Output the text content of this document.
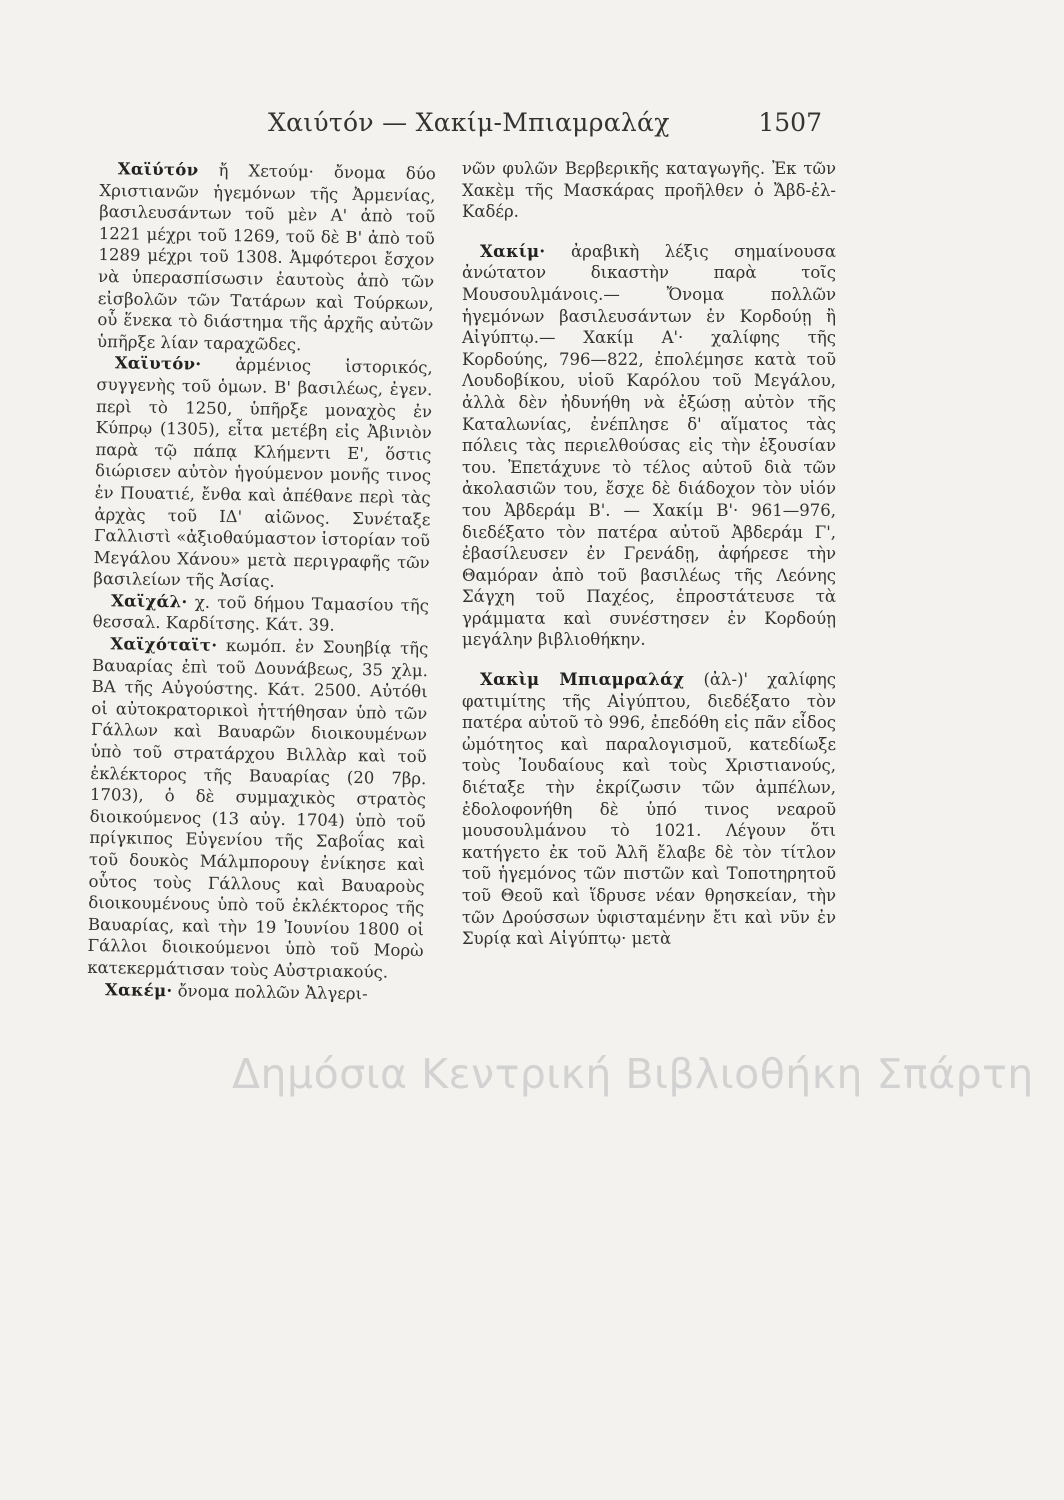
Χαιύτόν — Χακίμ-Μπιαμραλάχ	1507

Χαϊύτόν ἤ Χετούμ· ὄνομα δύο Χριστιανῶν ἡγεμόνων τῆς Ἀρμενίας, βασιλευσάντων τοῦ μὲν Α' ἀπὸ τοῦ 1221 μέχρι τοῦ 1269, τοῦ δὲ Β' ἀπὸ τοῦ 1289 μέχρι τοῦ 1308. Ἀμφότεροι ἔσχον νὰ ὑπερασπίσωσιν ἑαυτοὺς ἀπὸ τῶν εἰσβολῶν τῶν Τατάρων καὶ Τούρκων, οὗ ἕνεκα τὸ διάστημα τῆς ἀρχῆς αὐτῶν ὑπῆρξε λίαν ταραχῶδες.

Χαϊυτόν· ἀρμένιος ἱστορικός, συγγενὴς τοῦ ὁμων. Β' βασιλέως, ἐγεν. περὶ τὸ 1250, ὑπῆρξε μοναχὸς ἐν Κύπρῳ (1305), εἶτα μετέβη εἰς Ἀβινιὸν παρὰ τῷ πάπᾳ Κλήμεντι Ε', ὅστις διώρισεν αὐτὸν ἡγούμενον μονῆς τινος ἐν Πουατιέ, ἔνθα καὶ ἀπέθανε περὶ τὰς ἀρχὰς τοῦ ΙΔ' αἰῶνος. Συνέταξε Γαλλιστὶ «ἀξιοθαύμαστον ἱστορίαν τοῦ Μεγάλου Χάνου» μετὰ περιγραφῆς τῶν βασιλείων τῆς Ἀσίας.

Χαϊχάλ· χ. τοῦ δήμου Ταμασίου τῆς θεσσαλ. Καρδίτσης. Κάτ. 39.

Χαϊχόταϊτ· κωμόπ. ἐν Σουηβίᾳ τῆς Βαυαρίας ἐπὶ τοῦ Δουνάβεως, 35 χλμ. ΒΑ τῆς Αὐγούστης. Κάτ. 2500. Αὐτόθι οἱ αὐτοκρατορικοὶ ἡττήθησαν ὑπὸ τῶν Γάλλων καὶ Βαυαρῶν διοικουμένων ὑπὸ τοῦ στρατάρχου Βιλλὰρ καὶ τοῦ ἐκλέκτορος τῆς Βαυαρίας (20 7βρ. 1703), ὁ δὲ συμμαχικὸς στρατὸς διοικούμενος (13 αὐγ. 1704) ὑπὸ τοῦ πρίγκιπος Εὐγενίου τῆς Σαβοΐας καὶ τοῦ δουκὸς Μάλμπορουγ ἐνίκησε καὶ οὗτος τοὺς Γάλλους καὶ Βαυαροὺς διοικουμένους ὑπὸ τοῦ ἐκλέκτορος τῆς Βαυαρίας, καὶ τὴν 19 Ἰουνίου 1800 οἱ Γάλλοι διοικούμενοι ὑπὸ τοῦ Μορὼ κατεκερμάτισαν τοὺς Αὐστριακούς.

Χακέμ· ὄνομα πολλῶν Ἀλγερι-

νῶν φυλῶν Βερβερικῆς καταγωγῆς. Ἐκ τῶν Χακὲμ τῆς Μασκάρας προῆλθεν ὁ Ἄβδ-ἐλ-Καδέρ.

Χακίμ· ἀραβικὴ λέξις σημαίνουσα ἀνώτατον δικαστὴν παρὰ τοῖς Μουσουλμάνοις.— Ὄνομα πολλῶν ἡγεμόνων βασιλευσάντων ἐν Κορδούῃ ἢ Αἰγύπτῳ.— Χακίμ Α'· χαλίφης τῆς Κορδούης, 796—822, ἐπολέμησε κατὰ τοῦ Λουδοβίκου, υἱοῦ Καρόλου τοῦ Μεγάλου, ἀλλὰ δὲν ἠδυνήθη νὰ ἐξώσῃ αὐτὸν τῆς Καταλωνίας, ἐνέπλησε δ' αἵματος τὰς πόλεις τὰς περιελθούσας εἰς τὴν ἐξουσίαν του. Ἐπετάχυνε τὸ τέλος αὐτοῦ διὰ τῶν ἀκολασιῶν του, ἔσχε δὲ διάδοχον τὸν υἱόν του Ἀβδεράμ Β'. — Χακίμ Β'· 961—976, διεδέξατο τὸν πατέρα αὐτοῦ Ἀβδεράμ Γ', ἐβασίλευσεν ἐν Γρενάδῃ, ἀφήρεσε τὴν Θαμόραν ἀπὸ τοῦ βασιλέως τῆς Λεόνης Σάγχη τοῦ Παχέος, ἐπροστάτευσε τὰ γράμματα καὶ συνέστησεν ἐν Κορδούῃ μεγάλην βιβλιοθήκην.

Χακὶμ Μπιαμραλάχ (ἀλ-)' χαλίφης φατιμίτης τῆς Αἰγύπτου, διεδέξατο τὸν πατέρα αὐτοῦ τὸ 996, ἐπεδόθη εἰς πᾶν εἶδος ὠμότητος καὶ παραλογισμοῦ, κατεδίωξε τοὺς Ἰουδαίους καὶ τοὺς Χριστιανούς, διέταξε τὴν ἐκρίζωσιν τῶν ἀμπέλων, ἐδολοφονήθη δὲ ὑπό τινος νεαροῦ μουσουλμάνου τὸ 1021. Λέγουν ὅτι κατήγετο ἐκ τοῦ Ἀλῆ ἔλαβε δὲ τὸν τίτλον τοῦ ἡγεμόνος τῶν πιστῶν καὶ Τοποτηρητοῦ τοῦ Θεοῦ καὶ ἵδρυσε νέαν θρησκείαν, τὴν τῶν Δρούσσων ὑφισταμένην ἔτι καὶ νῦν ἐν Συρίᾳ καὶ Αἰγύπτῳ· μετὰ

Δημόσια Κεντρική Βιβλιοθήκη Σπάρτη
